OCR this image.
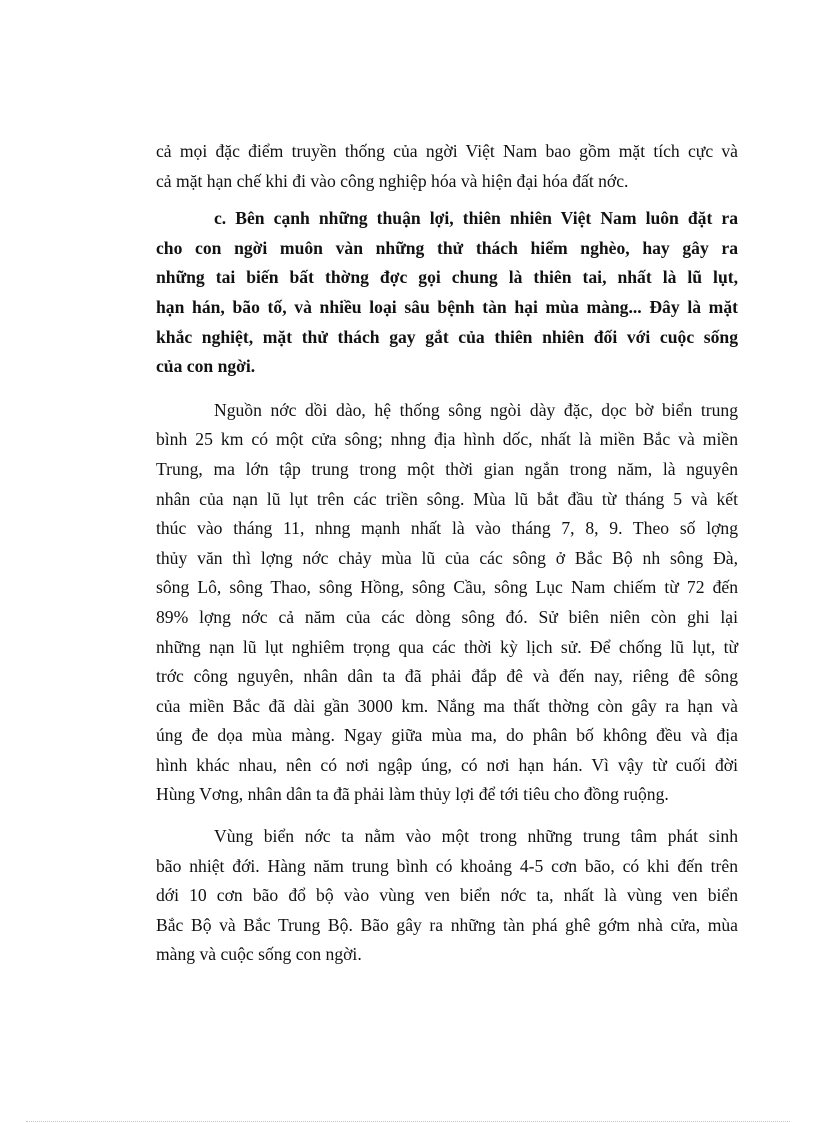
cả mọi đặc điểm truyền thống của ngời Việt Nam bao gồm mặt tích cực và
cả mặt hạn chế khi đi vào công nghiệp hóa và hiện đại hóa đất nớc.
c. Bên cạnh những thuận lợi, thiên nhiên Việt Nam luôn đặt ra
cho con ngời muôn vàn những thử thách hiểm nghèo, hay gây ra
những tai biến bất thờng đợc gọi chung là thiên tai, nhất là lũ lụt,
hạn hán, bão tố, và nhiều loại sâu bệnh tàn hại mùa màng... Đây là mặt
khắc nghiệt, mặt thử thách gay gắt của thiên nhiên đối với cuộc sống
của con ngời.
Nguồn nớc dồi dào, hệ thống sông ngòi dày đặc, dọc bờ biển trung
bình 25 km có một cửa sông; nhng địa hình dốc, nhất là miền Bắc và miền
Trung, ma lớn tập trung trong một thời gian ngắn trong năm, là nguyên
nhân của nạn lũ lụt trên các triền sông. Mùa lũ bắt đầu từ tháng 5 và kết
thúc vào tháng 11, nhng mạnh nhất là vào tháng 7, 8, 9. Theo số lợng
thủy văn thì lợng nớc chảy mùa lũ của các sông ở Bắc Bộ nh sông Đà,
sông Lô, sông Thao, sông Hồng, sông Cầu, sông Lục Nam chiếm từ 72 đến
89% lợng nớc cả năm của các dòng sông đó. Sử biên niên còn ghi lại
những nạn lũ lụt nghiêm trọng qua các thời kỳ lịch sử. Để chống lũ lụt, từ
trớc công nguyên, nhân dân ta đã phải đắp đê và đến nay, riêng đê sông
của miền Bắc đã dài gần 3000 km. Nắng ma thất thờng còn gây ra hạn và
úng đe dọa mùa màng. Ngay giữa mùa ma, do phân bố không đều và địa
hình khác nhau, nên có nơi ngập úng, có nơi hạn hán. Vì vậy từ cuối đời
Hùng Vơng, nhân dân ta đã phải làm thủy lợi để tới tiêu cho đồng ruộng.
Vùng biển nớc ta nằm vào một trong những trung tâm phát sinh
bão nhiệt đới. Hàng năm trung bình có khoảng 4-5 cơn bão, có khi đến trên
dới 10 cơn bão đổ bộ vào vùng ven biển nớc ta, nhất là vùng ven biển
Bắc Bộ và Bắc Trung Bộ. Bão gây ra những tàn phá ghê gớm nhà cửa, mùa
màng và cuộc sống con ngời.
